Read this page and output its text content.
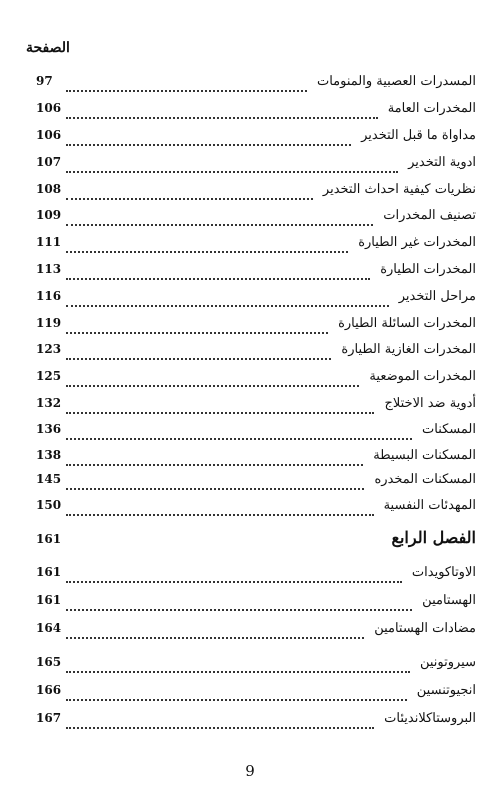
الصفحة
المسدرات العصبية والمنومات
97
المخدرات العامة
106
مداواة ما قبل التخدير
106
ادوية التخدير
107
نظريات كيفية احداث التخدير
108
تصنيف المخدرات
109
المخدرات غير الطيارة
111
المخدرات الطيارة
113
مراحل التخدير
116
المخدرات السائلة الطيارة
119
المخدرات الغازية الطيارة
123
المخدرات الموضعية
125
أدوية ضد الاختلاج
132
المسكنات
136
المسكنات البسيطة
138
المسكنات المخدره
145
المهدئات النفسية
150
الفصل الرابع
161
الاوتاكويدات
161
الهستامين
161
مضادات الهستامين
164
سيروتونين
165
انجيوتنسين
166
البروستاكلانديئات
167
9
